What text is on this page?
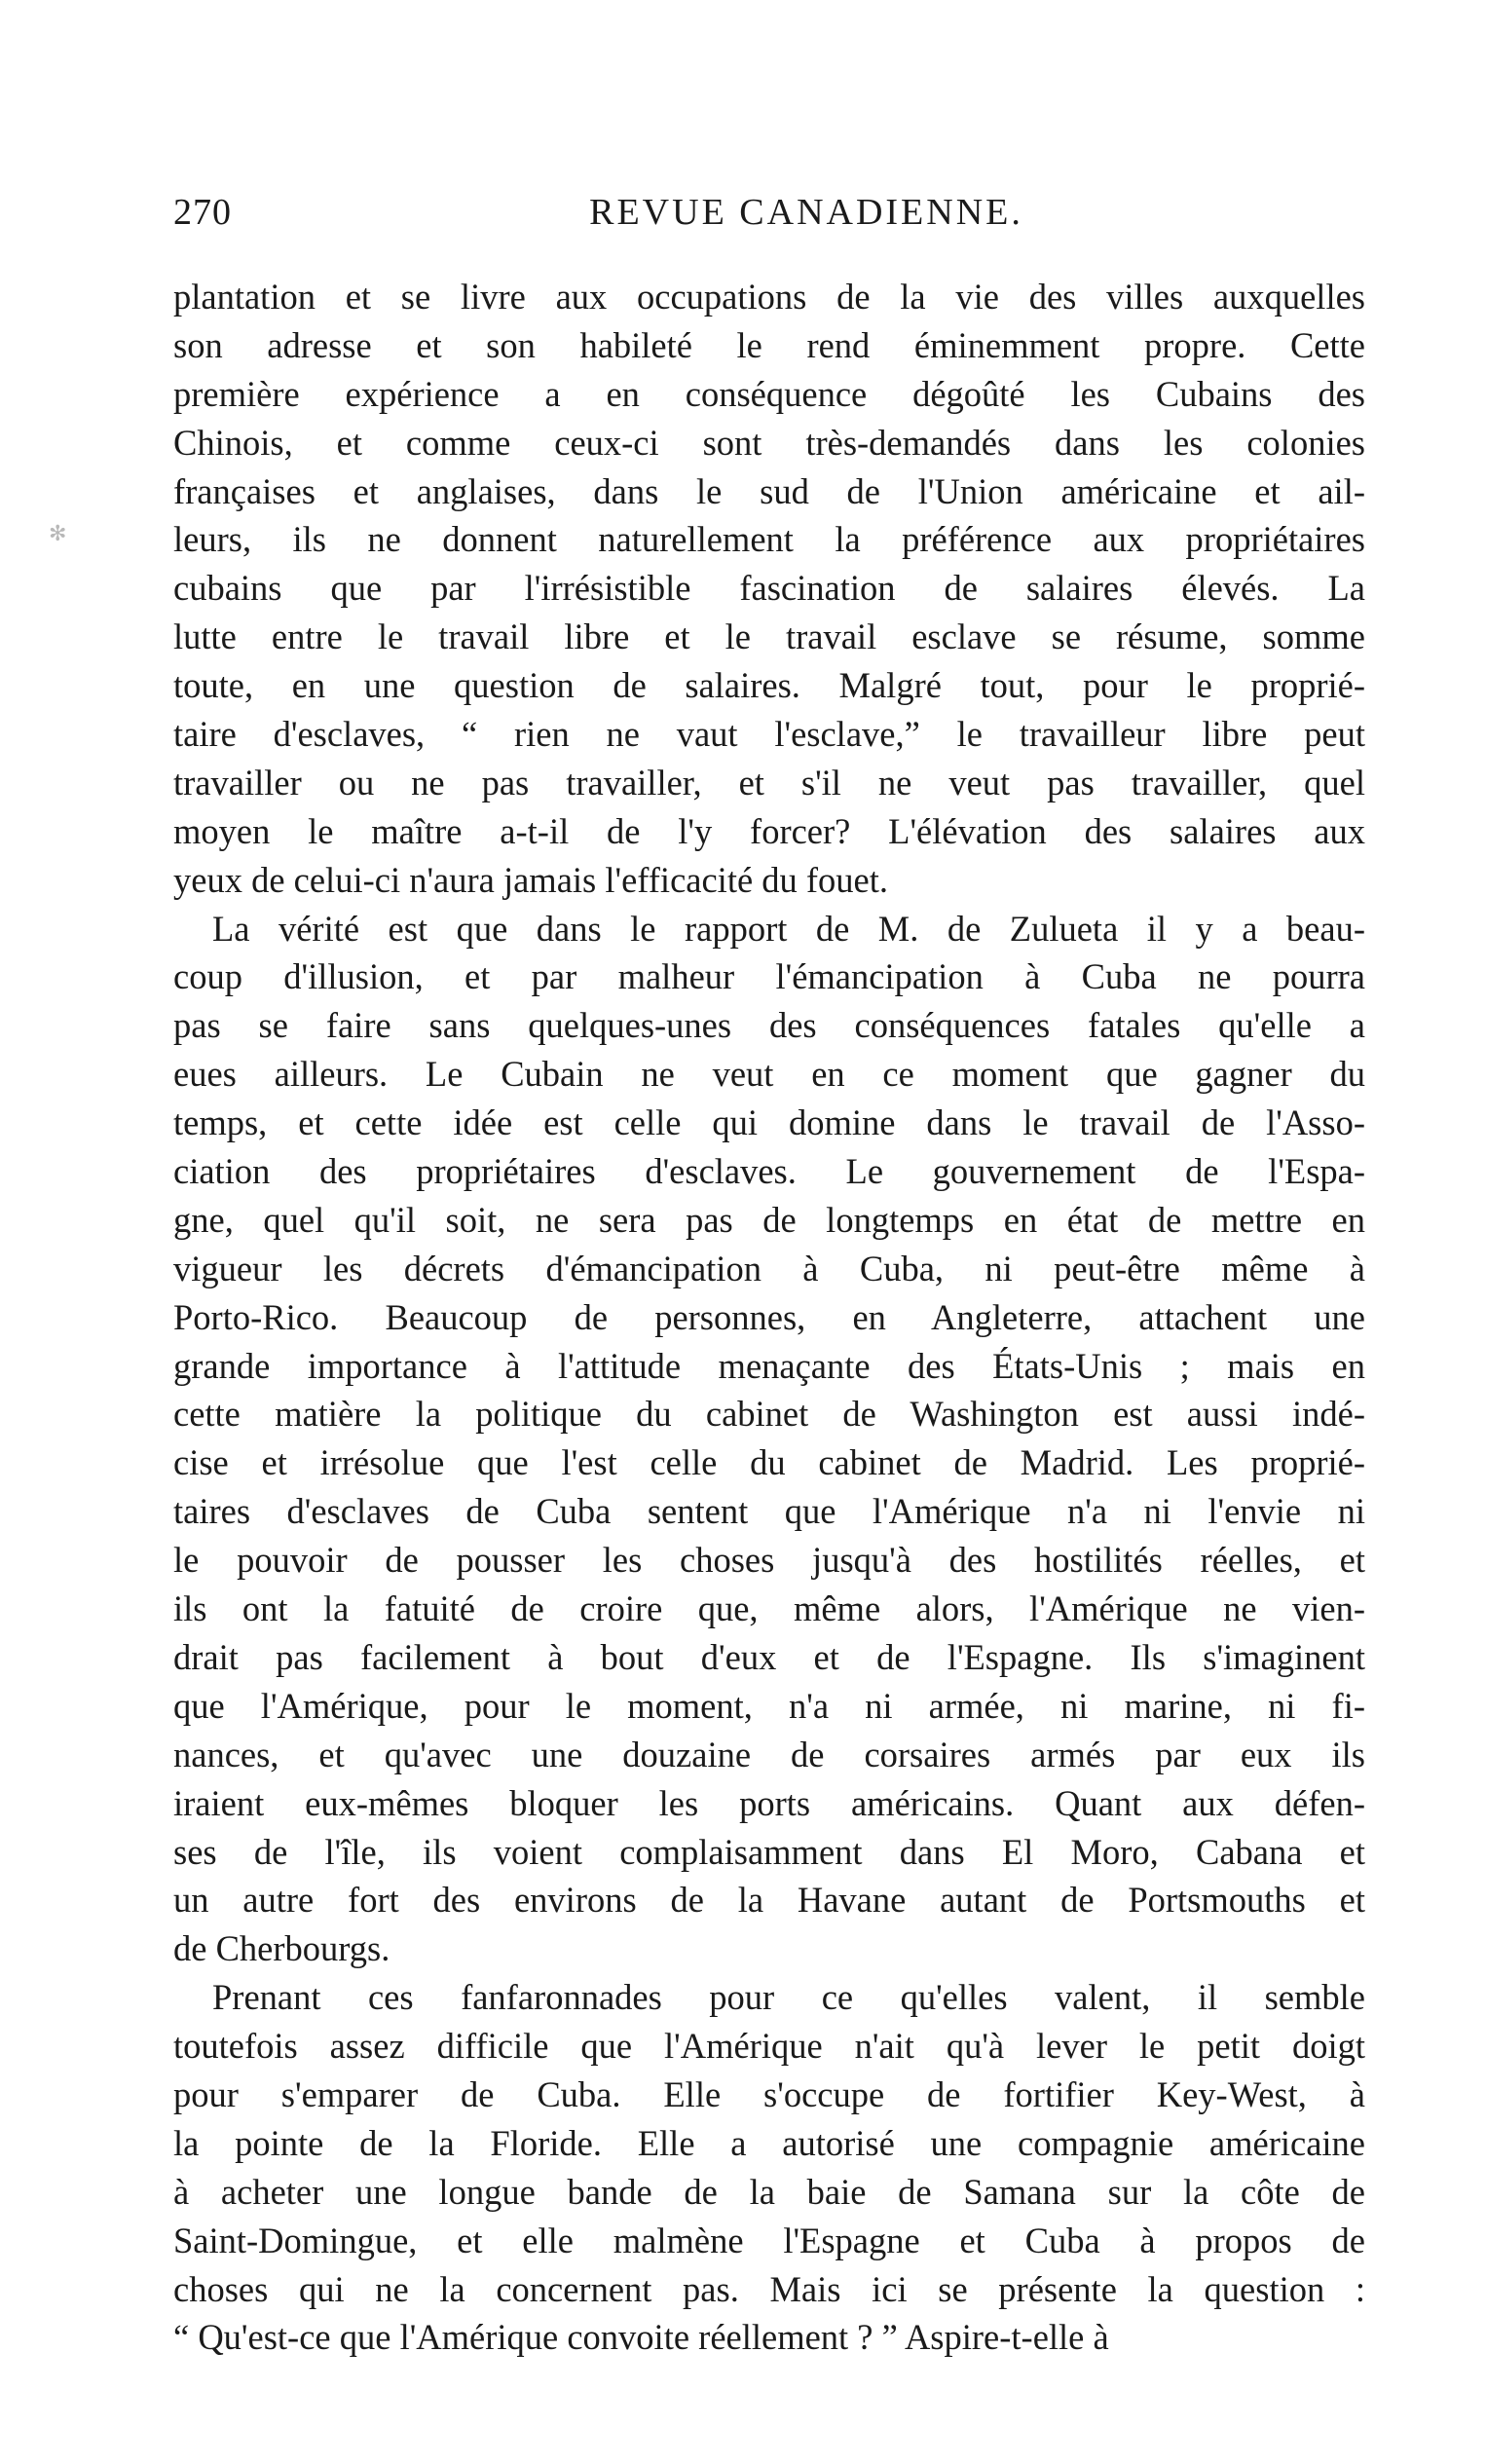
270	REVUE CANADIENNE.
✻
plantation et se livre aux occupations de la vie des villes auxquelles
son adresse et son habileté le rend éminemment propre. Cette
première expérience a en conséquence dégoûté les Cubains des
Chinois, et comme ceux-ci sont très-demandés dans les colonies
françaises et anglaises, dans le sud de l'Union américaine et ail-
leurs, ils ne donnent naturellement la préférence aux propriétaires
cubains que par l'irrésistible fascination de salaires élevés. La
lutte entre le travail libre et le travail esclave se résume, somme
toute, en une question de salaires. Malgré tout, pour le proprié-
taire d'esclaves, “ rien ne vaut l'esclave,” le travailleur libre peut
travailler ou ne pas travailler, et s'il ne veut pas travailler, quel
moyen le maître a-t-il de l'y forcer? L'élévation des salaires aux
yeux de celui-ci n'aura jamais l'efficacité du fouet.
La vérité est que dans le rapport de M. de Zulueta il y a beau-
coup d'illusion, et par malheur l'émancipation à Cuba ne pourra
pas se faire sans quelques-unes des conséquences fatales qu'elle a
eues ailleurs. Le Cubain ne veut en ce moment que gagner du
temps, et cette idée est celle qui domine dans le travail de l'Asso-
ciation des propriétaires d'esclaves. Le gouvernement de l'Espa-
gne, quel qu'il soit, ne sera pas de longtemps en état de mettre en
vigueur les décrets d'émancipation à Cuba, ni peut-être même à
Porto-Rico. Beaucoup de personnes, en Angleterre, attachent une
grande importance à l'attitude menaçante des États-Unis ; mais en
cette matière la politique du cabinet de Washington est aussi indé-
cise et irrésolue que l'est celle du cabinet de Madrid. Les proprié-
taires d'esclaves de Cuba sentent que l'Amérique n'a ni l'envie ni
le pouvoir de pousser les choses jusqu'à des hostilités réelles, et
ils ont la fatuité de croire que, même alors, l'Amérique ne vien-
drait pas facilement à bout d'eux et de l'Espagne. Ils s'imaginent
que l'Amérique, pour le moment, n'a ni armée, ni marine, ni fi-
nances, et qu'avec une douzaine de corsaires armés par eux ils
iraient eux-mêmes bloquer les ports américains. Quant aux défen-
ses de l'île, ils voient complaisamment dans El Moro, Cabana et
un autre fort des environs de la Havane autant de Portsmouths et
de Cherbourgs.
Prenant ces fanfaronnades pour ce qu'elles valent, il semble
toutefois assez difficile que l'Amérique n'ait qu'à lever le petit doigt
pour s'emparer de Cuba. Elle s'occupe de fortifier Key-West, à
la pointe de la Floride. Elle a autorisé une compagnie américaine
à acheter une longue bande de la baie de Samana sur la côte de
Saint-Domingue, et elle malmène l'Espagne et Cuba à propos de
choses qui ne la concernent pas. Mais ici se présente la question :
“ Qu'est-ce que l'Amérique convoite réellement ? ” Aspire-t-elle à
